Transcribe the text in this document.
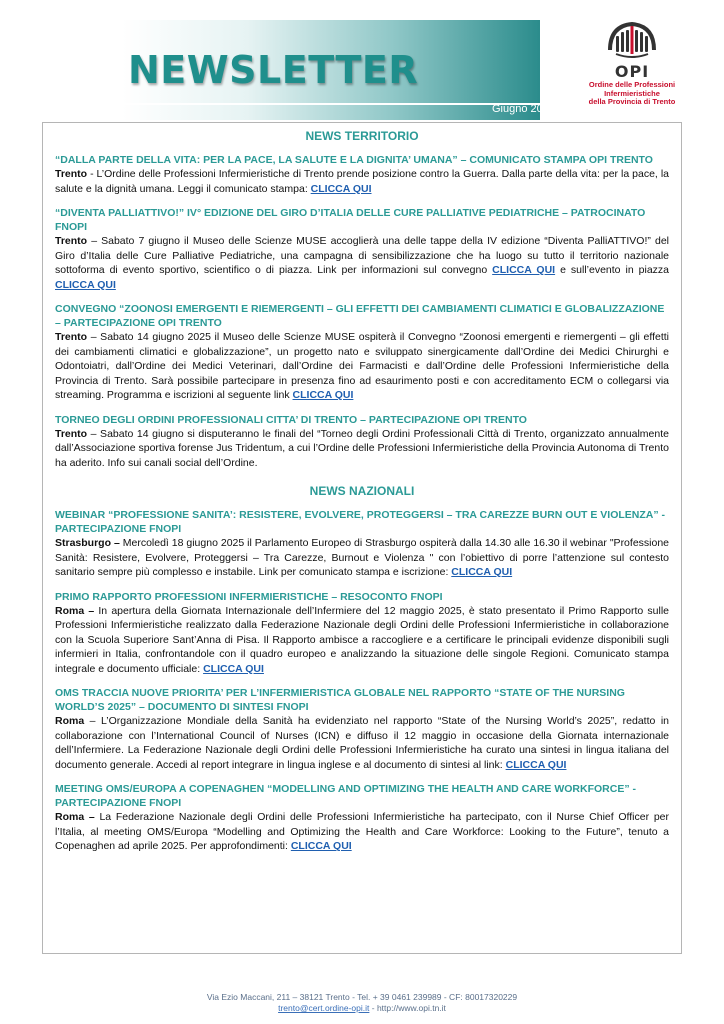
NEWSLETTER
Giugno 2025
OPI
Ordine delle Professioni
Infermieristiche
della Provincia di Trento
NEWS TERRITORIO

“DALLA PARTE DELLA VITA: PER LA PACE, LA SALUTE E LA DIGNITA’ UMANA” – COMUNICATO STAMPA OPI TRENTO

Trento - L’Ordine delle Professioni Infermieristiche di Trento prende posizione contro la Guerra. Dalla parte della vita: per la pace, la salute e la dignità umana. Leggi il comunicato stampa: CLICCA QUI

“DIVENTA PALLIATTIVO!” IV° EDIZIONE DEL GIRO D’ITALIA DELLE CURE PALLIATIVE PEDIATRICHE – PATROCINATO FNOPI

Trento – Sabato 7 giugno il Museo delle Scienze MUSE accoglierà una delle tappe della IV edizione “Diventa PalliATTIVO!” del Giro d’Italia delle Cure Palliative Pediatriche, una campagna di sensibilizzazione che ha luogo su tutto il territorio nazionale sottoforma di evento sportivo, scientifico o di piazza. Link per informazioni sul convegno CLICCA QUI e sull’evento in piazza CLICCA QUI

CONVEGNO “ZOONOSI EMERGENTI E RIEMERGENTI – GLI EFFETTI DEI CAMBIAMENTI CLIMATICI E GLOBALIZZAZIONE – PARTECIPAZIONE OPI TRENTO

Trento – Sabato 14 giugno 2025 il Museo delle Scienze MUSE ospiterà il Convegno “Zoonosi emergenti e riemergenti – gli effetti dei cambiamenti climatici e globalizzazione”, un progetto nato e sviluppato sinergicamente dall’Ordine dei Medici Chirurghi e Odontoiatri, dall’Ordine dei Medici Veterinari, dall’Ordine dei Farmacisti e dall’Ordine delle Professioni Infermieristiche della Provincia di Trento. Sarà possibile partecipare in presenza fino ad esaurimento posti e con accreditamento ECM o collegarsi via streaming. Programma e iscrizioni al seguente link CLICCA QUI

TORNEO DEGLI ORDINI PROFESSIONALI CITTA’ DI TRENTO – PARTECIPAZIONE OPI TRENTO

Trento – Sabato 14 giugno si disputeranno le finali del “Torneo degli Ordini Professionali Città di Trento, organizzato annualmente dall’Associazione sportiva forense Jus Tridentum, a cui l’Ordine delle Professioni Infermieristiche della Provincia Autonoma di Trento ha aderito. Info sui canali social dell’Ordine.

NEWS NAZIONALI

WEBINAR “PROFESSIONE SANITA’: RESISTERE, EVOLVERE, PROTEGGERSI – TRA CAREZZE BURN OUT E VIOLENZA” - PARTECIPAZIONE FNOPI

Strasburgo – Mercoledì 18 giugno 2025 il Parlamento Europeo di Strasburgo ospiterà dalla 14.30 alle 16.30 il webinar "Professione Sanità: Resistere, Evolvere, Proteggersi – Tra Carezze, Burnout e Violenza " con l’obiettivo di porre l’attenzione sul contesto sanitario sempre più complesso e instabile. Link per comunicato stampa e iscrizione: CLICCA QUI

PRIMO RAPPORTO PROFESSIONI INFERMIERISTICHE – RESOCONTO FNOPI

Roma – In apertura della Giornata Internazionale dell’Infermiere del 12 maggio 2025, è stato presentato il Primo Rapporto sulle Professioni Infermieristiche realizzato dalla Federazione Nazionale degli Ordini delle Professioni Infermieristiche in collaborazione con la Scuola Superiore Sant’Anna di Pisa. Il Rapporto ambisce a raccogliere e a certificare le principali evidenze disponibili sugli infermieri in Italia, confrontandole con il quadro europeo e analizzando la situazione delle singole Regioni. Comunicato stampa integrale e documento ufficiale: CLICCA QUI

OMS TRACCIA NUOVE PRIORITA’ PER L’INFERMIERISTICA GLOBALE NEL RAPPORTO “STATE OF THE NURSING WORLD’S 2025” – DOCUMENTO DI SINTESI FNOPI

Roma – L’Organizzazione Mondiale della Sanità ha evidenziato nel rapporto “State of the Nursing World’s 2025”, redatto in collaborazione con l’International Council of Nurses (ICN) e diffuso il 12 maggio in occasione della Giornata internazionale dell’Infermiere. La Federazione Nazionale degli Ordini delle Professioni Infermieristiche ha curato una sintesi in lingua italiana del documento generale. Accedi al report integrare in lingua inglese e al documento di sintesi al link: CLICCA QUI

MEETING OMS/EUROPA A COPENAGHEN “MODELLING AND OPTIMIZING THE HEALTH AND CARE WORKFORCE” - PARTECIPAZIONE FNOPI

Roma – La Federazione Nazionale degli Ordini delle Professioni Infermieristiche ha partecipato, con il Nurse Chief Officer per l’Italia, al meeting OMS/Europa “Modelling and Optimizing the Health and Care Workforce: Looking to the Future”, tenuto a Copenaghen ad aprile 2025. Per approfondimenti: CLICCA QUI

Via Ezio Maccani, 211 – 38121 Trento - Tel. + 39 0461 239989 - CF: 80017320229
trento@cert.ordine-opi.it - http://www.opi.tn.it
